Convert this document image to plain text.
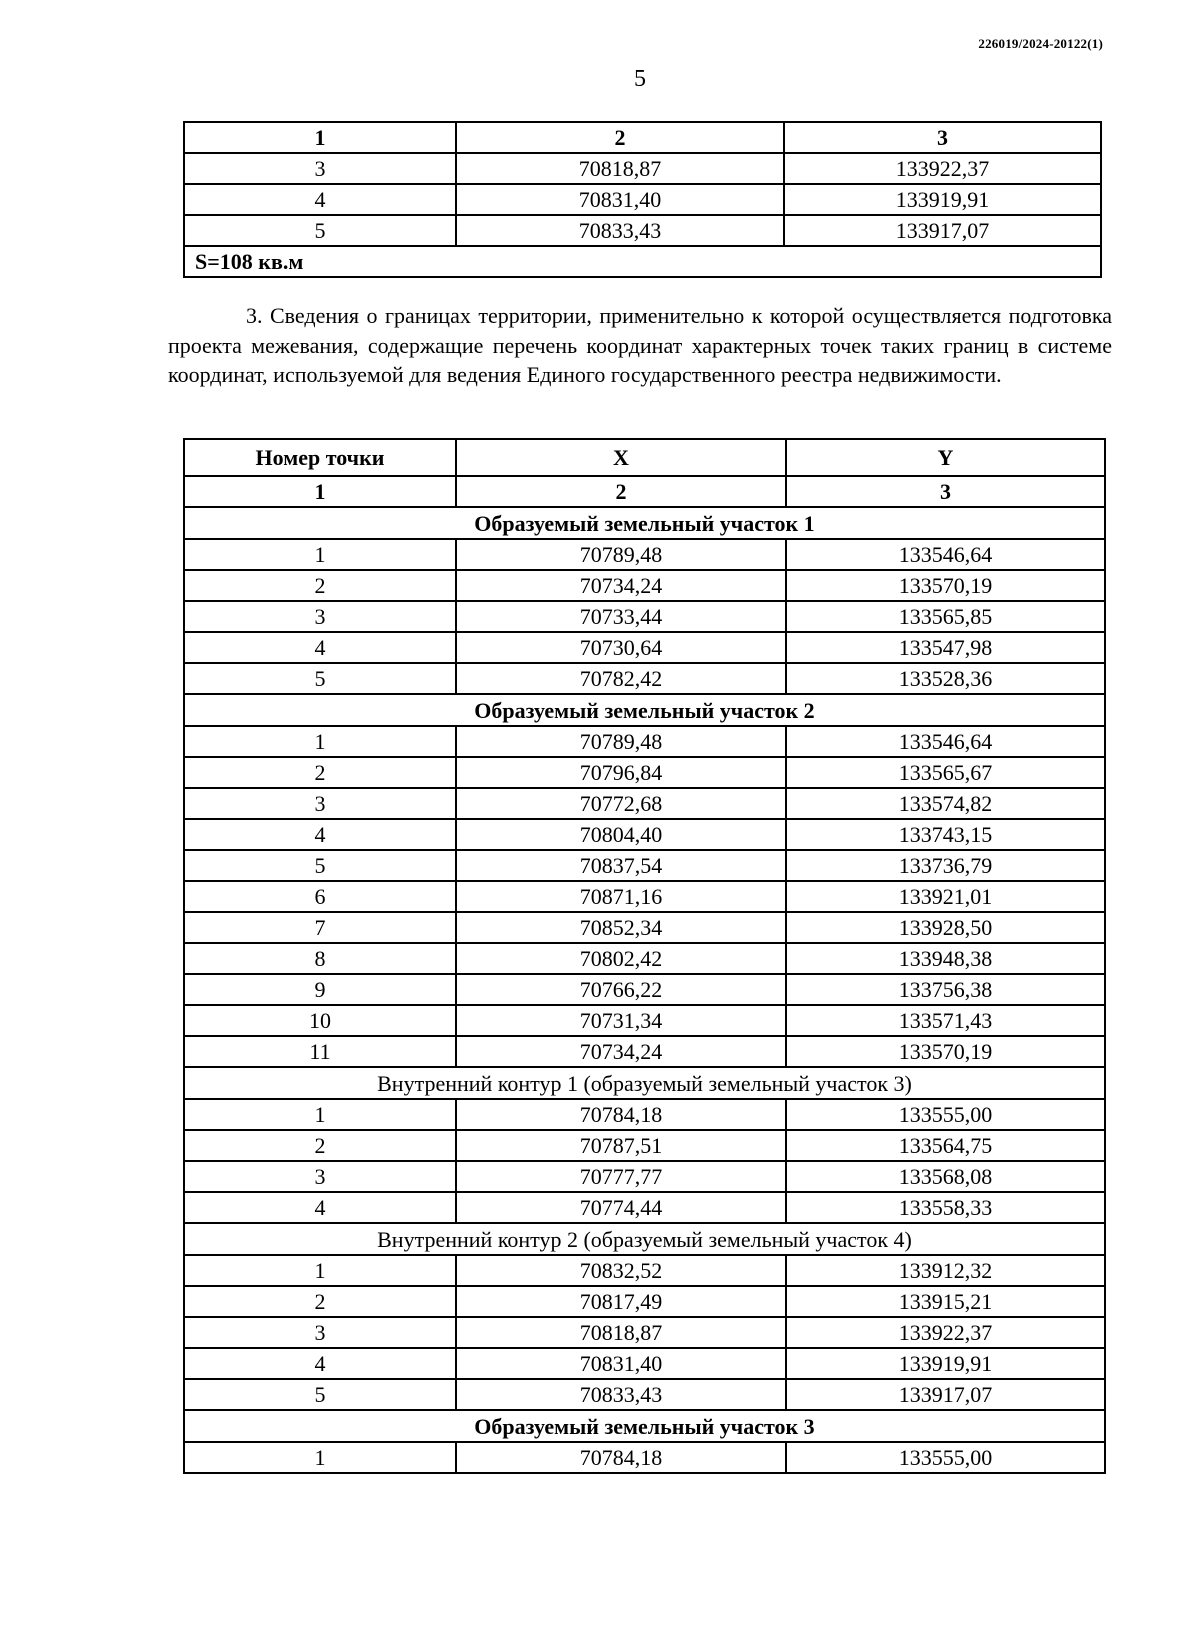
226019/2024-20122(1)
5
1	2	3
3	70818,87	133922,37
4	70831,40	133919,91
5	70833,43	133917,07
S=108 кв.м		

3. Сведения о границах территории, применительно к которой осуществляется подготовка проекта межевания, содержащие перечень координат характерных точек таких границ в системе координат, используемой для ведения Единого государственного реестра недвижимости.

Номер точки	X	Y
1	2	3
Образуемый земельный участок 1		
1	70789,48	133546,64
2	70734,24	133570,19
3	70733,44	133565,85
4	70730,64	133547,98
5	70782,42	133528,36
Образуемый земельный участок 2		
1	70789,48	133546,64
2	70796,84	133565,67
3	70772,68	133574,82
4	70804,40	133743,15
5	70837,54	133736,79
6	70871,16	133921,01
7	70852,34	133928,50
8	70802,42	133948,38
9	70766,22	133756,38
10	70731,34	133571,43
11	70734,24	133570,19
Внутренний контур 1 (образуемый земельный участок 3)		
1	70784,18	133555,00
2	70787,51	133564,75
3	70777,77	133568,08
4	70774,44	133558,33
Внутренний контур 2 (образуемый земельный участок 4)		
1	70832,52	133912,32
2	70817,49	133915,21
3	70818,87	133922,37
4	70831,40	133919,91
5	70833,43	133917,07
Образуемый земельный участок 3		
1	70784,18	133555,00
